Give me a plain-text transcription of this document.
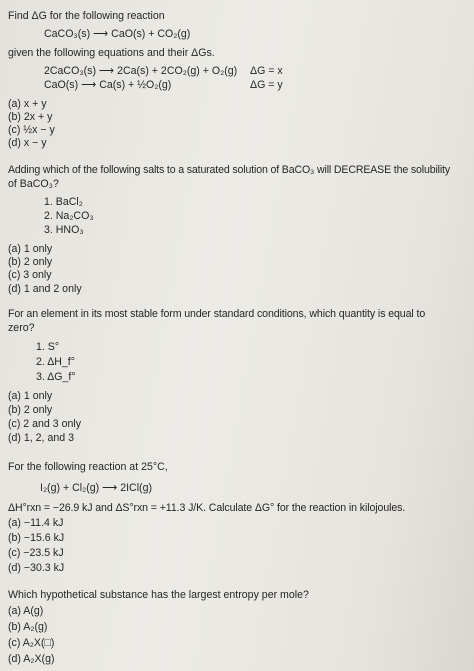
Find ΔG for the following reaction
CaCO₃(s) ⟶ CaO(s) + CO₂(g)
given the following equations and their ΔGs.
2CaCO₃(s) ⟶ 2Ca(s) + 2CO₂(g) + O₂(g) ΔG = x
CaO(s) ⟶ Ca(s) + ½O₂(g)	ΔG = y
(a) x + y
(b) 2x + y
(c) ½x − y
(d) x − y
Adding which of the following salts to a saturated solution of BaCO₃ will DECREASE the solubility
of BaCO₃?
1. BaCl₂
2. Na₂CO₃
3. HNO₃
(a) 1 only
(b) 2 only
(c) 3 only
(d) 1 and 2 only
For an element in its most stable form under standard conditions, which quantity is equal to
zero?
1. S°
2. ΔH_f°
3. ΔG_f°
(a) 1 only
(b) 2 only
(c) 2 and 3 only
(d) 1, 2, and 3
For the following reaction at 25°C,
I₂(g) + Cl₂(g) ⟶ 2ICl(g)
ΔH°rxn = −26.9 kJ and ΔS°rxn = +11.3 J/K. Calculate ΔG° for the reaction in kilojoules.
(a) −11.4 kJ
(b) −15.6 kJ
(c) −23.5 kJ
(d) −30.3 kJ
Which hypothetical substance has the largest entropy per mole?
(a) A(g)
(b) A₂(g)
(c) A₂X(□)
(d) A₂X(g)
